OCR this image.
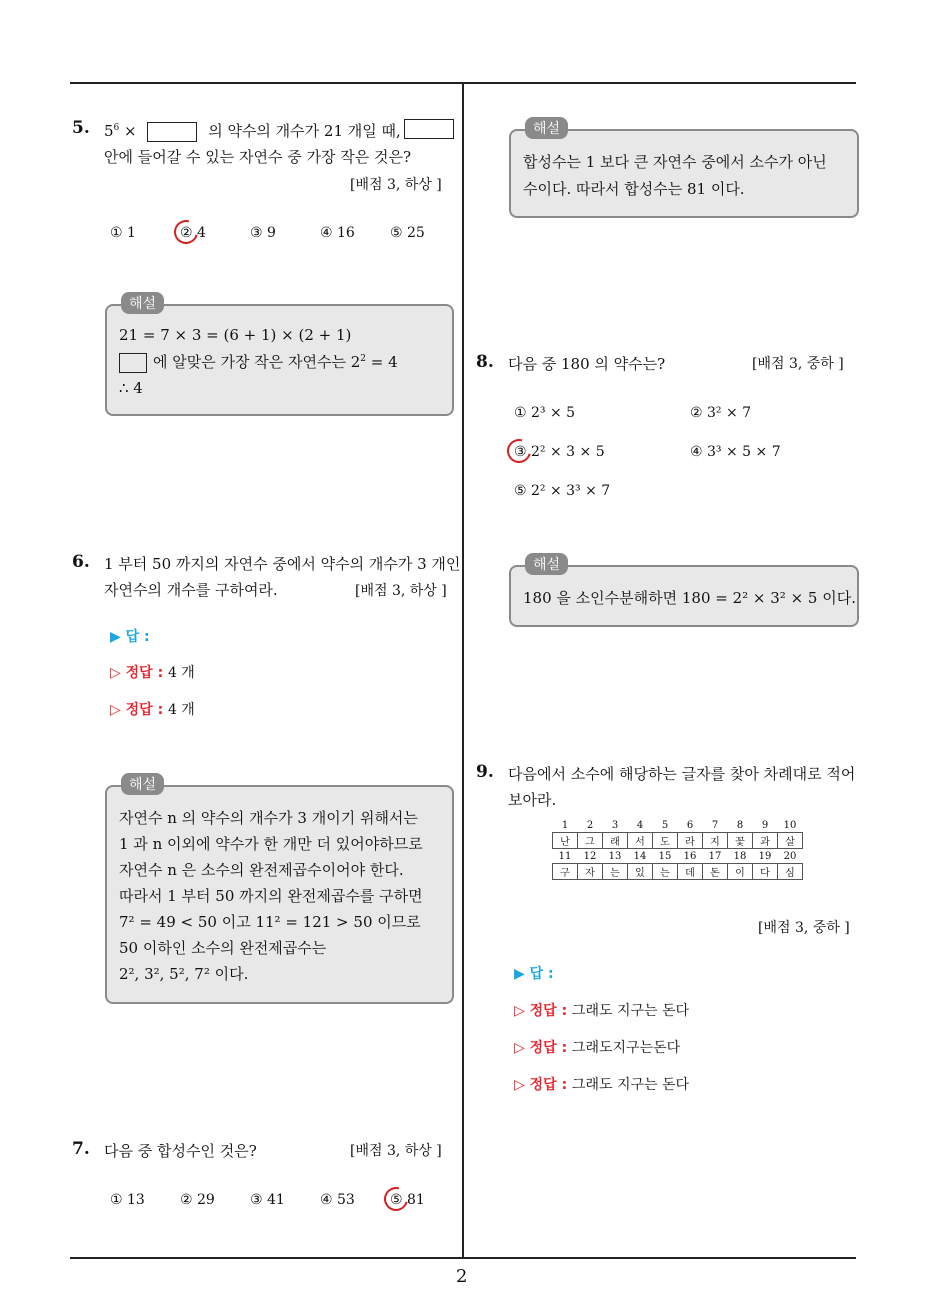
2
5. $5^6$ ×	의 약수의 개수가 21 개일 때,
안에 들어갈 수 있는 자연수 중 가장 작은 것은?
[배점 3, 하상 ]
① 1	② 4	③ 9	④ 16	⑤ 25
해설
21 = 7 × 3 = (6 + 1) × (2 + 1)
에 알맞은 가장 작은 자연수는 $2^2 = 4$
∴ 4
6. 1 부터 50 까지의 자연수 중에서 약수의 개수가 3 개인
자연수의 개수를 구하여라.	[배점 3, 하상 ]
▶ 답 :
▷ 정답 : 4 개
▷ 정답 : 4 개
해설
자연수 n 의 약수의 개수가 3 개이기 위해서는
1 과 n 이외에 약수가 한 개만 더 있어야하므로
자연수 n 은 소수의 완전제곱수이어야 한다.
따라서 1 부터 50 까지의 완전제곱수를 구하면
7² = 49 < 50 이고 11² = 121 > 50 이므로
50 이하인 소수의 완전제곱수는
2², 3², 5², 7² 이다.
7. 다음 중 합성수인 것은?	[배점 3, 하상 ]
① 13	② 29	③ 41	④ 53	⑤ 81
해설
합성수는 1 보다 큰 자연수 중에서 소수가 아닌
수이다. 따라서 합성수는 81 이다.
8. 다음 중 180 의 약수는?	[배점 3, 중하 ]
① 2³ × 5	② 3² × 7
③ 2² × 3 × 5	④ 3³ × 5 × 7
⑤ 2² × 3³ × 7
해설
180 을 소인수분해하면 180 = 2² × 3² × 5 이다.
9. 다음에서 소수에 해당하는 글자를 찾아 차례대로 적어
보아라.
1	2	3	4	5	6	7	8	9	10
난	그	래	서	도	라	지	꽃	과	살
11	12	13	14	15	16	17	18	19	20
구	자	는	있	는	데	돈	이	다	심
[배점 3, 중하 ]
▶ 답 :
▷ 정답 : 그래도 지구는 돈다
▷ 정답 : 그래도지구는돈다
▷ 정답 : 그래도 지구는 돈다
